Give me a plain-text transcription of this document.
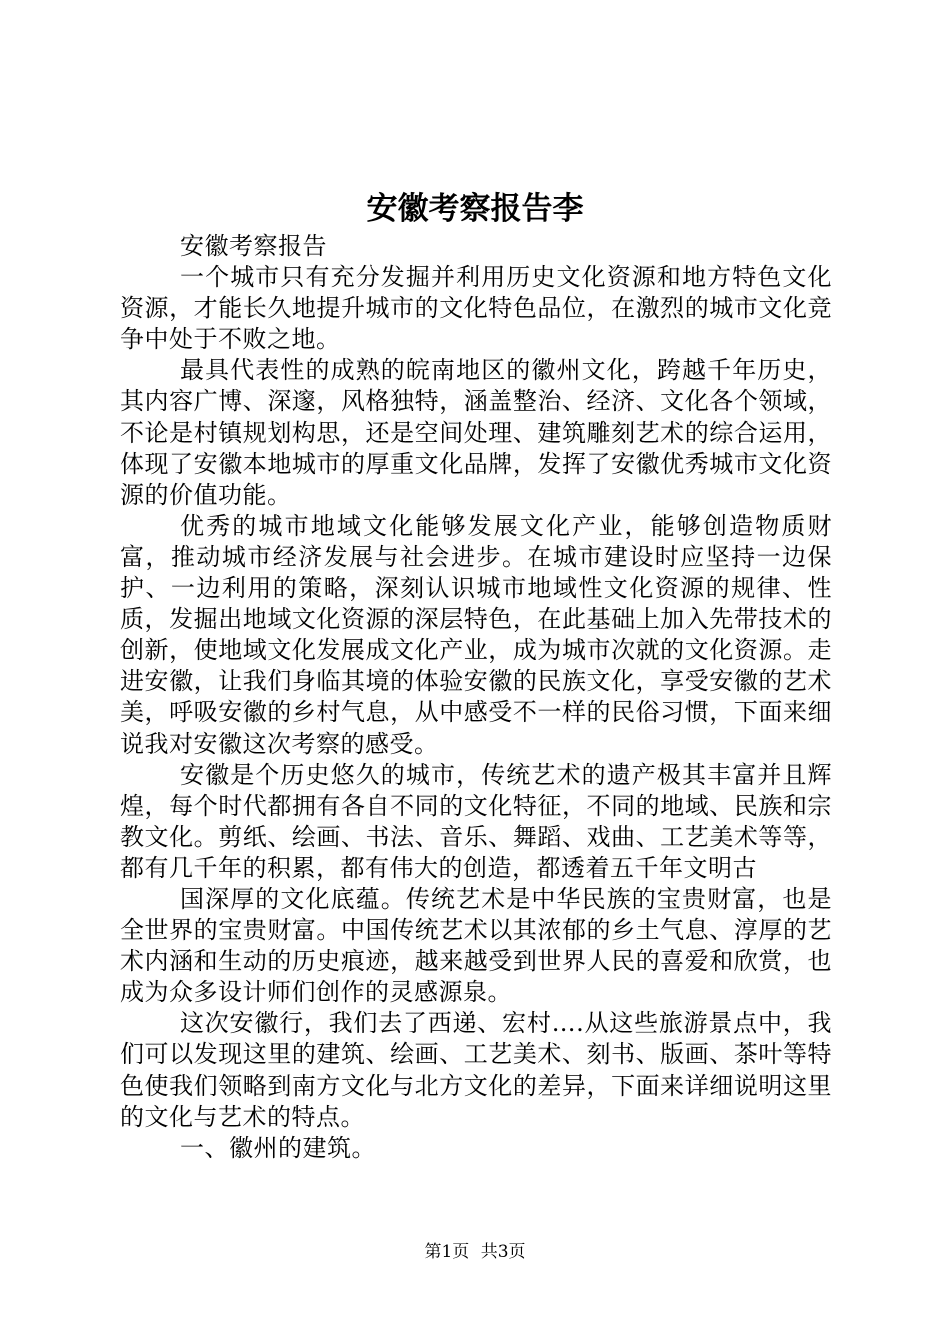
安徽考察报告李

安徽考察报告

一个城市只有充分发掘并利用历史文化资源和地方特色文化资源，才能长久地提升城市的文化特色品位，在激烈的城市文化竞争中处于不败之地。

最具代表性的成熟的皖南地区的徽州文化，跨越千年历史，其内容广博、深邃，风格独特，涵盖整治、经济、文化各个领域，不论是村镇规划构思，还是空间处理、建筑雕刻艺术的综合运用，体现了安徽本地城市的厚重文化品牌，发挥了安徽优秀城市文化资源的价值功能。

优秀的城市地域文化能够发展文化产业，能够创造物质财富，推动城市经济发展与社会进步。在城市建设时应坚持一边保护、一边利用的策略，深刻认识城市地域性文化资源的规律、性质，发掘出地域文化资源的深层特色，在此基础上加入先带技术的创新，使地域文化发展成文化产业，成为城市次就的文化资源。走进安徽，让我们身临其境的体验安徽的民族文化，享受安徽的艺术美，呼吸安徽的乡村气息，从中感受不一样的民俗习惯，下面来细说我对安徽这次考察的感受。

安徽是个历史悠久的城市，传统艺术的遗产极其丰富并且辉煌，每个时代都拥有各自不同的文化特征，不同的地域、民族和宗教文化。剪纸、绘画、书法、音乐、舞蹈、戏曲、工艺美术等等，都有几千年的积累，都有伟大的创造，都透着五千年文明古

国深厚的文化底蕴。传统艺术是中华民族的宝贵财富，也是全世界的宝贵财富。中国传统艺术以其浓郁的乡土气息、淳厚的艺术内涵和生动的历史痕迹，越来越受到世界人民的喜爱和欣赏，也成为众多设计师们创作的灵感源泉。

这次安徽行，我们去了西递、宏村….从这些旅游景点中，我们可以发现这里的建筑、绘画、工艺美术、刻书、版画、茶叶等特色使我们领略到南方文化与北方文化的差异，下面来详细说明这里的文化与艺术的特点。

一、徽州的建筑。

第1页 共3页
